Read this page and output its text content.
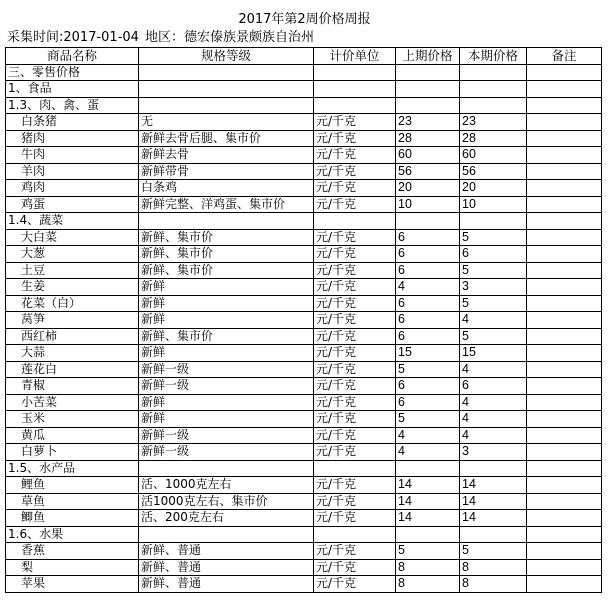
2017年第2周价格周报
采集时间:2017-01-04 地区：德宏傣族景颇族自治州
商品名称	规格等级	计价单位	上期价格	本期价格	备注
三、零售价格					
1、食品					
1.3、肉、禽、蛋					
白条猪	无	元/千克	23	23	
猪肉	新鲜去骨后腿、集市价	元/千克	28	28	
牛肉	新鲜去骨	元/千克	60	60	
羊肉	新鲜带骨	元/千克	56	56	
鸡肉	白条鸡	元/千克	20	20	
鸡蛋	新鲜完整、洋鸡蛋、集市价	元/千克	10	10	
1.4、蔬菜					
大白菜	新鲜、集市价	元/千克	6	5	
大葱	新鲜、集市价	元/千克	6	6	
土豆	新鲜、集市价	元/千克	6	5	
生姜	新鲜	元/千克	4	3	
花菜（白）	新鲜	元/千克	6	5	
莴笋	新鲜	元/千克	6	4	
西红柿	新鲜、集市价	元/千克	6	5	
大蒜	新鲜	元/千克	15	15	
莲花白	新鲜一级	元/千克	5	4	
青椒	新鲜一级	元/千克	6	6	
小苦菜	新鲜	元/千克	6	4	
玉米	新鲜	元/千克	5	4	
黄瓜	新鲜一级	元/千克	4	4	
白萝卜	新鲜一级	元/千克	4	3	
1.5、水产品					
鲤鱼	活、1000克左右	元/千克	14	14	
草鱼	活1000克左右、集市价	元/千克	14	14	
鲫鱼	活、200克左右	元/千克	14	14	
1.6、水果					
香蕉	新鲜、普通	元/千克	5	5	
梨	新鲜、普通	元/千克	8	8	
苹果	新鲜、普通	元/千克	8	8	
